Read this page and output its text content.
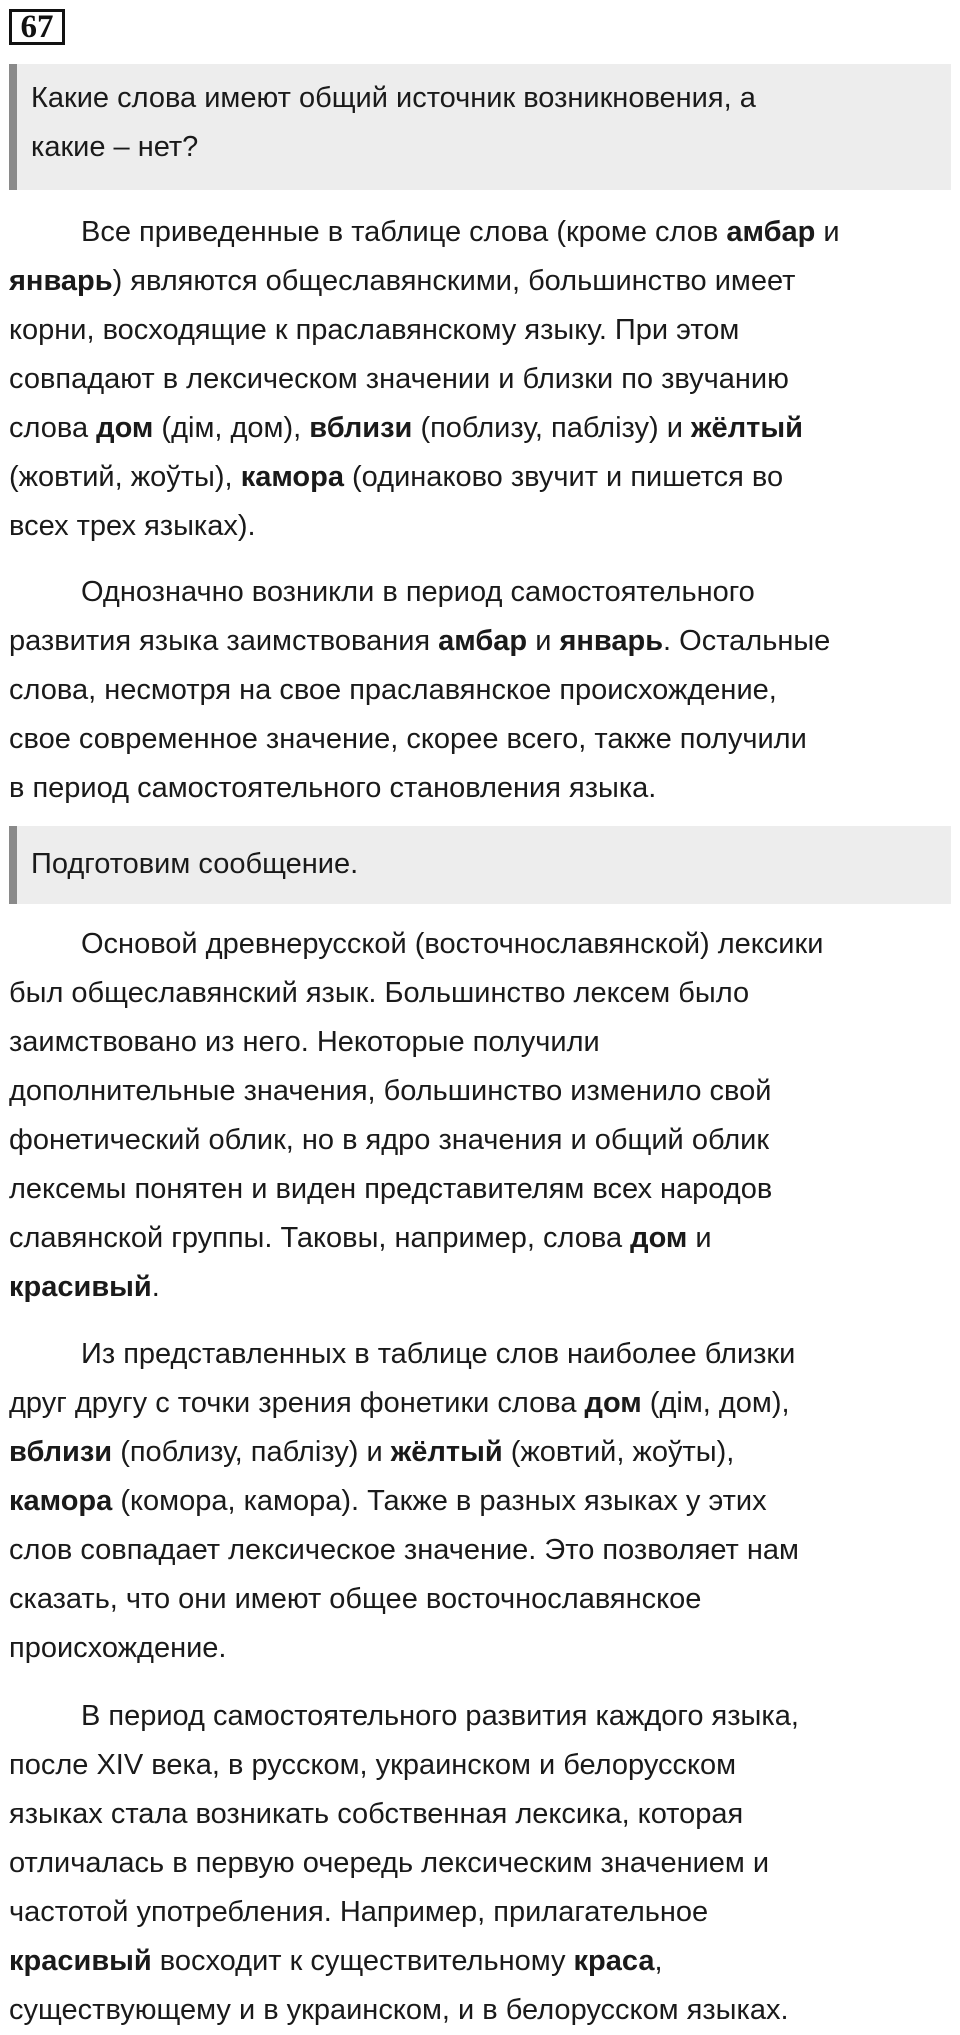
67
Какие слова имеют общий источник возникновения, а
какие – нет?
Все приведенные в таблице слова (кроме слов амбар и
январь) являются общеславянскими, большинство имеет
корни, восходящие к праславянскому языку. При этом
совпадают в лексическом значении и близки по звучанию
слова дом (дім, дом), вблизи (поблизу, паблізу) и жёлтый
(жовтий, жоўты), камора (одинаково звучит и пишется во
всех трех языках).
Однозначно возникли в период самостоятельного
развития языка заимствования амбар и январь. Остальные
слова, несмотря на свое праславянское происхождение,
свое современное значение, скорее всего, также получили
в период самостоятельного становления языка.
Подготовим сообщение.
Основой древнерусской (восточнославянской) лексики
был общеславянский язык. Большинство лексем было
заимствовано из него. Некоторые получили
дополнительные значения, большинство изменило свой
фонетический облик, но в ядро значения и общий облик
лексемы понятен и виден представителям всех народов
славянской группы. Таковы, например, слова дом и
красивый.
Из представленных в таблице слов наиболее близки
друг другу с точки зрения фонетики слова дом (дім, дом),
вблизи (поблизу, паблізу) и жёлтый (жовтий, жоўты),
камора (комора, камора). Также в разных языках у этих
слов совпадает лексическое значение. Это позволяет нам
сказать, что они имеют общее восточнославянское
происхождение.
В период самостоятельного развития каждого языка,
после XIV века, в русском, украинском и белорусском
языках стала возникать собственная лексика, которая
отличалась в первую очередь лексическим значением и
частотой употребления. Например, прилагательное
красивый восходит к существительному краса,
существующему и в украинском, и в белорусском языках.
